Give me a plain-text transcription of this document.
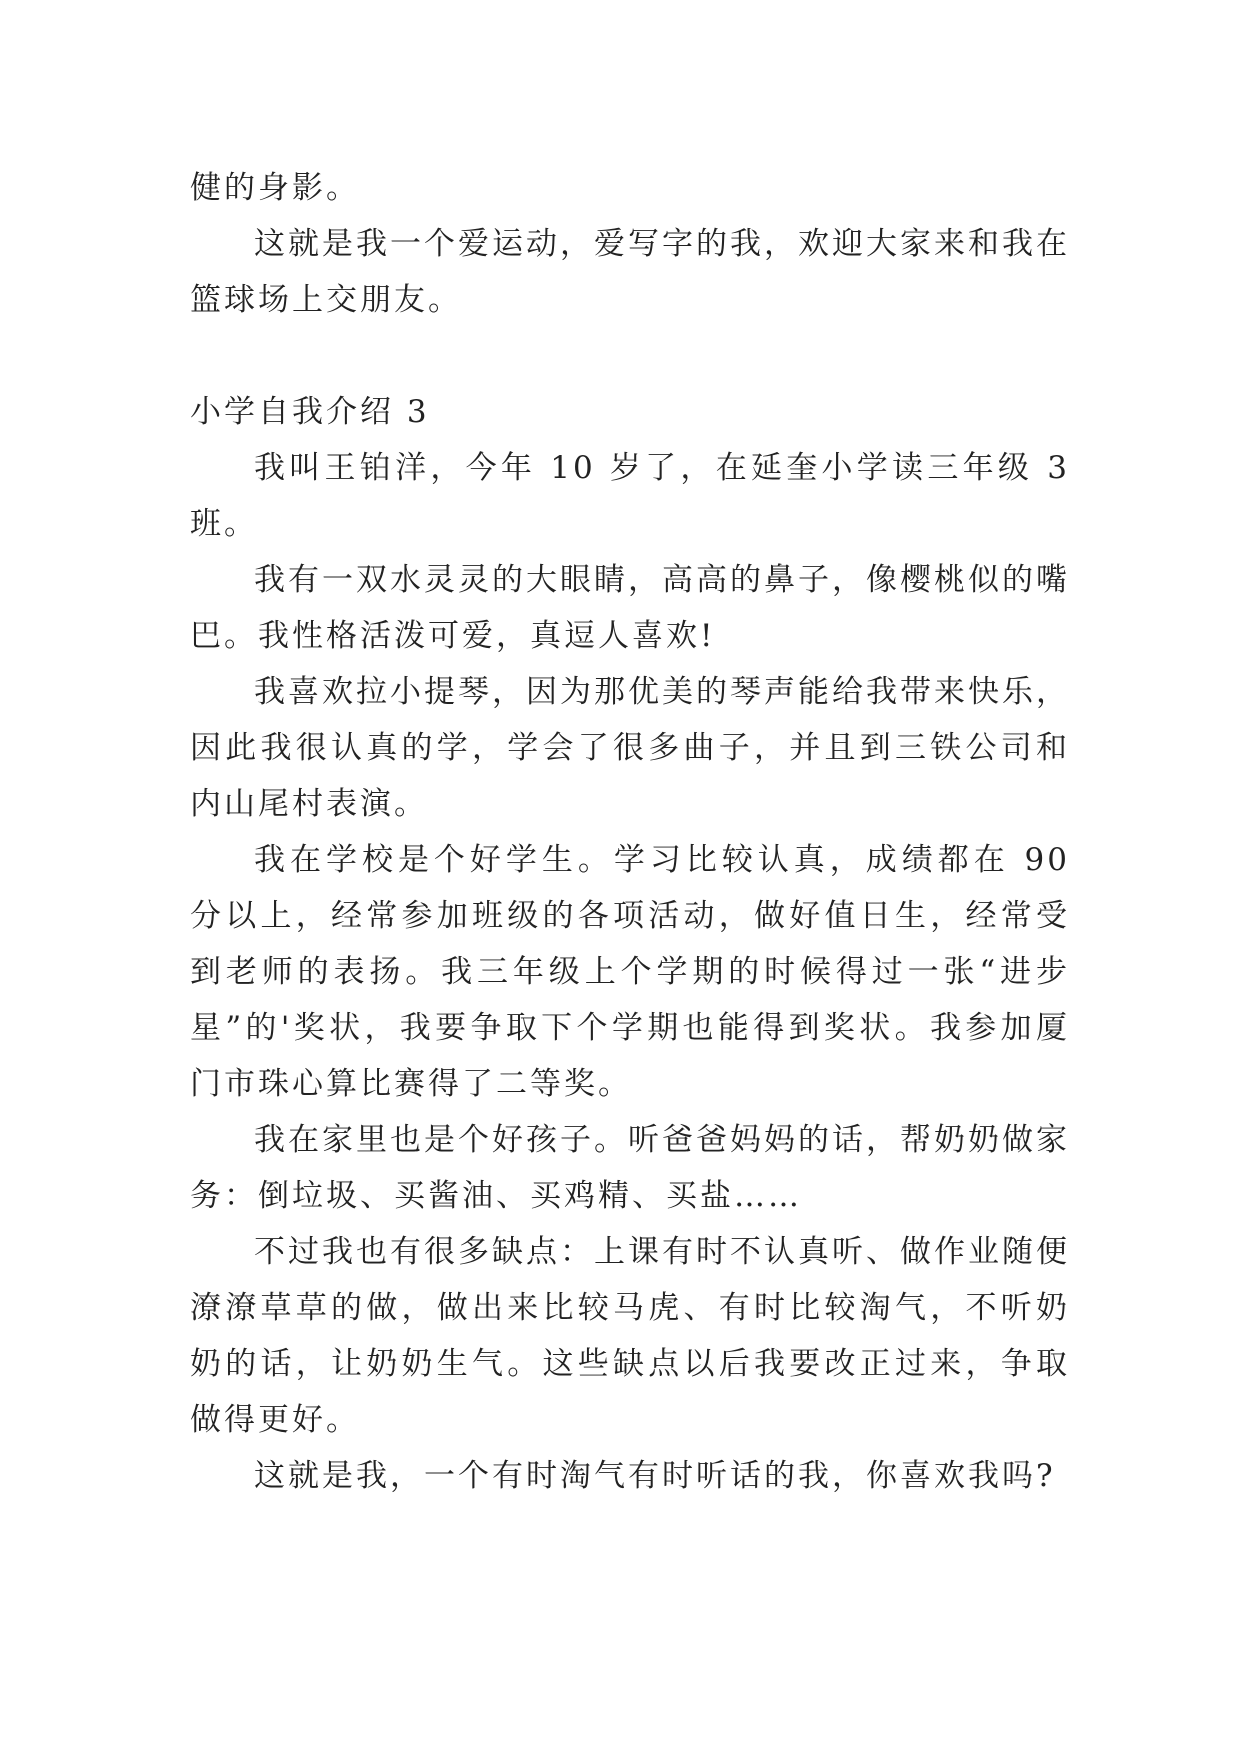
健的身影。

这就是我一个爱运动，爱写字的我，欢迎大家来和我在篮球场上交朋友。

小学自我介绍 3

我叫王铂洋，今年 10 岁了，在延奎小学读三年级 3 班。

我有一双水灵灵的大眼睛，高高的鼻子，像樱桃似的嘴巴。我性格活泼可爱，真逗人喜欢!

我喜欢拉小提琴，因为那优美的琴声能给我带来快乐，因此我很认真的学，学会了很多曲子，并且到三铁公司和内山尾村表演。

我在学校是个好学生。学习比较认真，成绩都在 90 分以上，经常参加班级的各项活动，做好值日生，经常受到老师的表扬。我三年级上个学期的时候得过一张“进步星”的'奖状，我要争取下个学期也能得到奖状。我参加厦门市珠心算比赛得了二等奖。

我在家里也是个好孩子。听爸爸妈妈的话，帮奶奶做家务：倒垃圾、买酱油、买鸡精、买盐……

不过我也有很多缺点：上课有时不认真听、做作业随便潦潦草草的做，做出来比较马虎、有时比较淘气，不听奶奶的话，让奶奶生气。这些缺点以后我要改正过来，争取做得更好。

这就是我，一个有时淘气有时听话的我，你喜欢我吗?
